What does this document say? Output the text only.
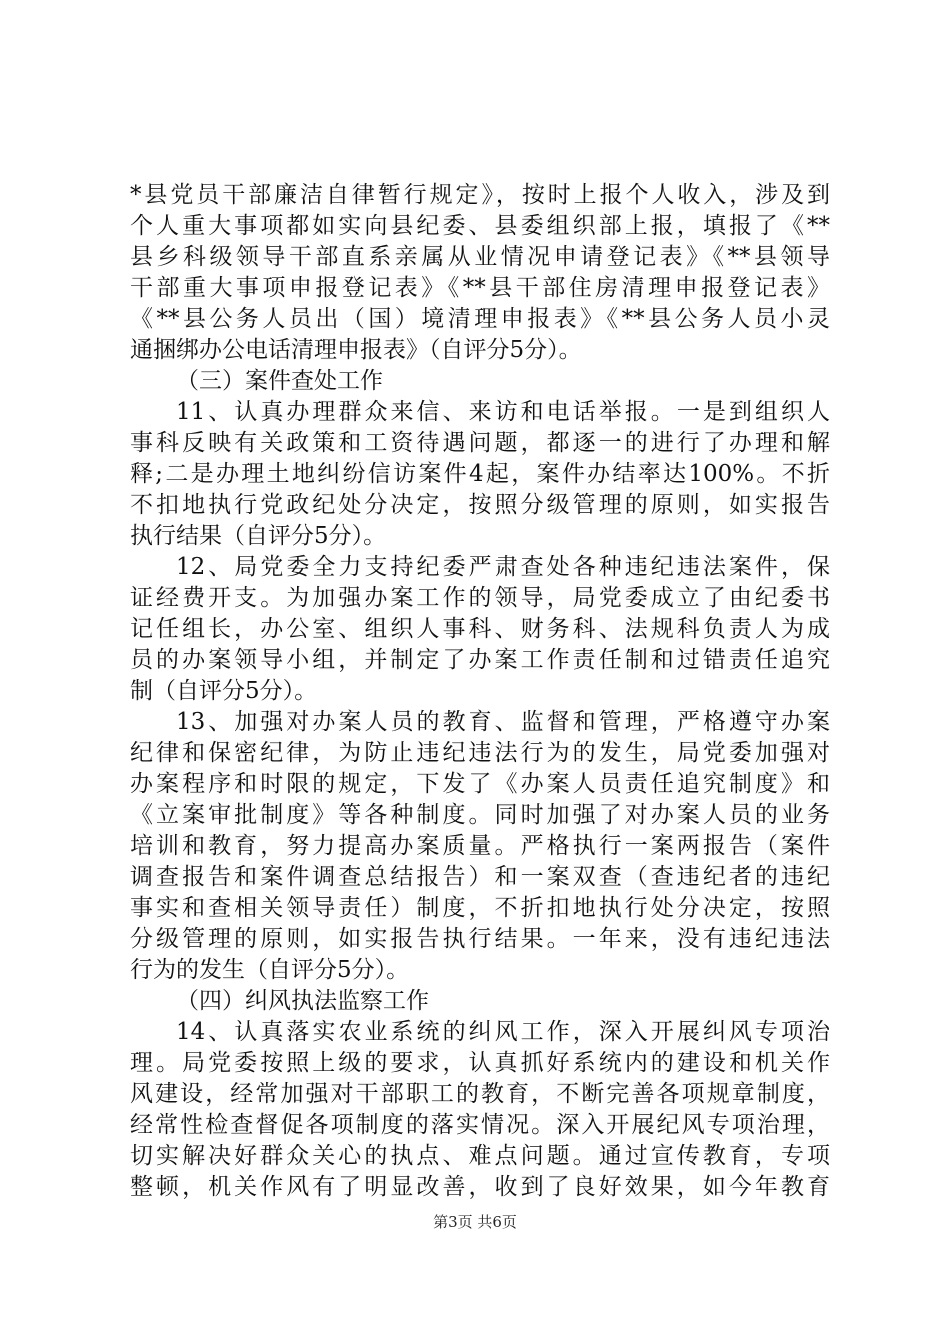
*县党员干部廉洁自律暂行规定》，按时上报个人收入，涉及到
个人重大事项都如实向县纪委、县委组织部上报，填报了《**
县乡科级领导干部直系亲属从业情况申请登记表》《**县领导
干部重大事项申报登记表》《**县干部住房清理申报登记表》
《**县公务人员出（国）境清理申报表》《**县公务人员小灵
通捆绑办公电话清理申报表》（自评分5分）。
（三）案件查处工作
11、认真办理群众来信、来访和电话举报。一是到组织人
事科反映有关政策和工资待遇问题，都逐一的进行了办理和解
释;二是办理土地纠纷信访案件4起，案件办结率达100%。不折
不扣地执行党政纪处分决定，按照分级管理的原则，如实报告
执行结果（自评分5分）。
12、局党委全力支持纪委严肃查处各种违纪违法案件，保
证经费开支。为加强办案工作的领导，局党委成立了由纪委书
记任组长，办公室、组织人事科、财务科、法规科负责人为成
员的办案领导小组，并制定了办案工作责任制和过错责任追究
制（自评分5分）。
13、加强对办案人员的教育、监督和管理，严格遵守办案
纪律和保密纪律，为防止违纪违法行为的发生，局党委加强对
办案程序和时限的规定，下发了《办案人员责任追究制度》和
《立案审批制度》等各种制度。同时加强了对办案人员的业务
培训和教育，努力提高办案质量。严格执行一案两报告（案件
调查报告和案件调查总结报告）和一案双查（查违纪者的违纪
事实和查相关领导责任）制度，不折扣地执行处分决定，按照
分级管理的原则，如实报告执行结果。一年来，没有违纪违法
行为的发生（自评分5分）。
（四）纠风执法监察工作
14、认真落实农业系统的纠风工作，深入开展纠风专项治
理。局党委按照上级的要求，认真抓好系统内的建设和机关作
风建设，经常加强对干部职工的教育，不断完善各项规章制度，
经常性检查督促各项制度的落实情况。深入开展纪风专项治理，
切实解决好群众关心的执点、难点问题。通过宣传教育，专项
整顿，机关作风有了明显改善，收到了良好效果，如今年教育
第3页 共6页
